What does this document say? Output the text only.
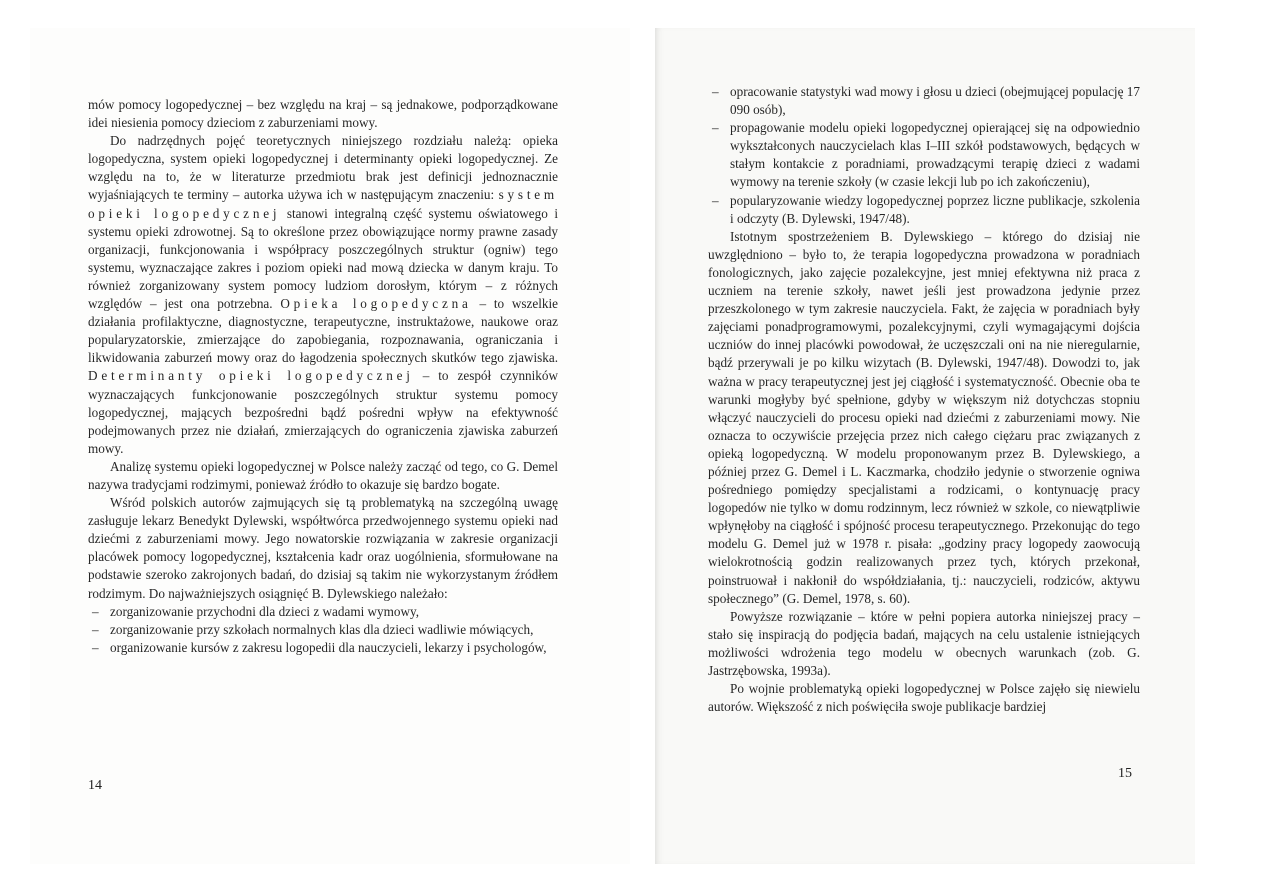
mów pomocy logopedycznej – bez względu na kraj – są jednakowe, podporządkowane idei niesienia pomocy dzieciom z zaburzeniami mowy.

Do nadrzędnych pojęć teoretycznych niniejszego rozdziału należą: opieka logopedyczna, system opieki logopedycznej i determinanty opieki logopedycznej. Ze względu na to, że w literaturze przedmiotu brak jest definicji jednoznacznie wyjaśniających te terminy – autorka używa ich w następującym znaczeniu: system opieki logopedycznej stanowi integralną część systemu oświatowego i systemu opieki zdrowotnej. Są to określone przez obowiązujące normy prawne zasady organizacji, funkcjonowania i współpracy poszczególnych struktur (ogniw) tego systemu, wyznaczające zakres i poziom opieki nad mową dziecka w danym kraju. To również zorganizowany system pomocy ludziom dorosłym, którym – z różnych względów – jest ona potrzebna. Opieka logopedyczna – to wszelkie działania profilaktyczne, diagnostyczne, terapeutyczne, instruktażowe, naukowe oraz popularyzatorskie, zmierzające do zapobiegania, rozpoznawania, ograniczania i likwidowania zaburzeń mowy oraz do łagodzenia społecznych skutków tego zjawiska. Determinanty opieki logopedycznej – to zespół czynników wyznaczających funkcjonowanie poszczególnych struktur systemu pomocy logopedycznej, mających bezpośredni bądź pośredni wpływ na efektywność podejmowanych przez nie działań, zmierzających do ograniczenia zjawiska zaburzeń mowy.

Analizę systemu opieki logopedycznej w Polsce należy zacząć od tego, co G. Demel nazywa tradycjami rodzimymi, ponieważ źródło to okazuje się bardzo bogate.

Wśród polskich autorów zajmujących się tą problematyką na szczególną uwagę zasługuje lekarz Benedykt Dylewski, współtwórca przedwojennego systemu opieki nad dziećmi z zaburzeniami mowy. Jego nowatorskie rozwiązania w zakresie organizacji placówek pomocy logopedycznej, kształcenia kadr oraz uogólnienia, sformułowane na podstawie szeroko zakrojonych badań, do dzisiaj są takim nie wykorzystanym źródłem rodzimym. Do najważniejszych osiągnięć B. Dylewskiego należało:

– zorganizowanie przychodni dla dzieci z wadami wymowy,
– zorganizowanie przy szkołach normalnych klas dla dzieci wadliwie mówiących,
– organizowanie kursów z zakresu logopedii dla nauczycieli, lekarzy i psychologów,
14
– opracowanie statystyki wad mowy i głosu u dzieci (obejmującej populację 17 090 osób),
– propagowanie modelu opieki logopedycznej opierającej się na odpowiednio wykształconych nauczycielach klas I–III szkół podstawowych, będących w stałym kontakcie z poradniami, prowadzącymi terapię dzieci z wadami wymowy na terenie szkoły (w czasie lekcji lub po ich zakończeniu),
– popularyzowanie wiedzy logopedycznej poprzez liczne publikacje, szkolenia i odczyty (B. Dylewski, 1947/48).

Istotnym spostrzeżeniem B. Dylewskiego – którego do dzisiaj nie uwzględniono – było to, że terapia logopedyczna prowadzona w poradniach fonologicznych, jako zajęcie pozalekcyjne, jest mniej efektywna niż praca z uczniem na terenie szkoły, nawet jeśli jest prowadzona jedynie przez przeszkolonego w tym zakresie nauczyciela. Fakt, że zajęcia w poradniach były zajęciami ponadprogramowymi, pozalekcyjnymi, czyli wymagającymi dojścia uczniów do innej placówki powodował, że uczęszczali oni na nie nieregularnie, bądź przerywali je po kilku wizytach (B. Dylewski, 1947/48). Dowodzi to, jak ważna w pracy terapeutycznej jest jej ciągłość i systematyczność. Obecnie oba te warunki mogłyby być spełnione, gdyby w większym niż dotychczas stopniu włączyć nauczycieli do procesu opieki nad dziećmi z zaburzeniami mowy. Nie oznacza to oczywiście przejęcia przez nich całego ciężaru prac związanych z opieką logopedyczną. W modelu proponowanym przez B. Dylewskiego, a później przez G. Demel i L. Kaczmarka, chodziło jedynie o stworzenie ogniwa pośredniego pomiędzy specjalistami a rodzicami, o kontynuację pracy logopedów nie tylko w domu rodzinnym, lecz również w szkole, co niewątpliwie wpłynęłoby na ciągłość i spójność procesu terapeutycznego. Przekonując do tego modelu G. Demel już w 1978 r. pisała: „godziny pracy logopedy zaowocują wielokrotnością godzin realizowanych przez tych, których przekonał, poinstruował i nakłonił do współdziałania, tj.: nauczycieli, rodziców, aktywu społecznego” (G. Demel, 1978, s. 60).

Powyższe rozwiązanie – które w pełni popiera autorka niniejszej pracy – stało się inspiracją do podjęcia badań, mających na celu ustalenie istniejących możliwości wdrożenia tego modelu w obecnych warunkach (zob. G. Jastrzębowska, 1993a).

Po wojnie problematyką opieki logopedycznej w Polsce zajęło się niewielu autorów. Większość z nich poświęciła swoje publikacje bardziej

15
